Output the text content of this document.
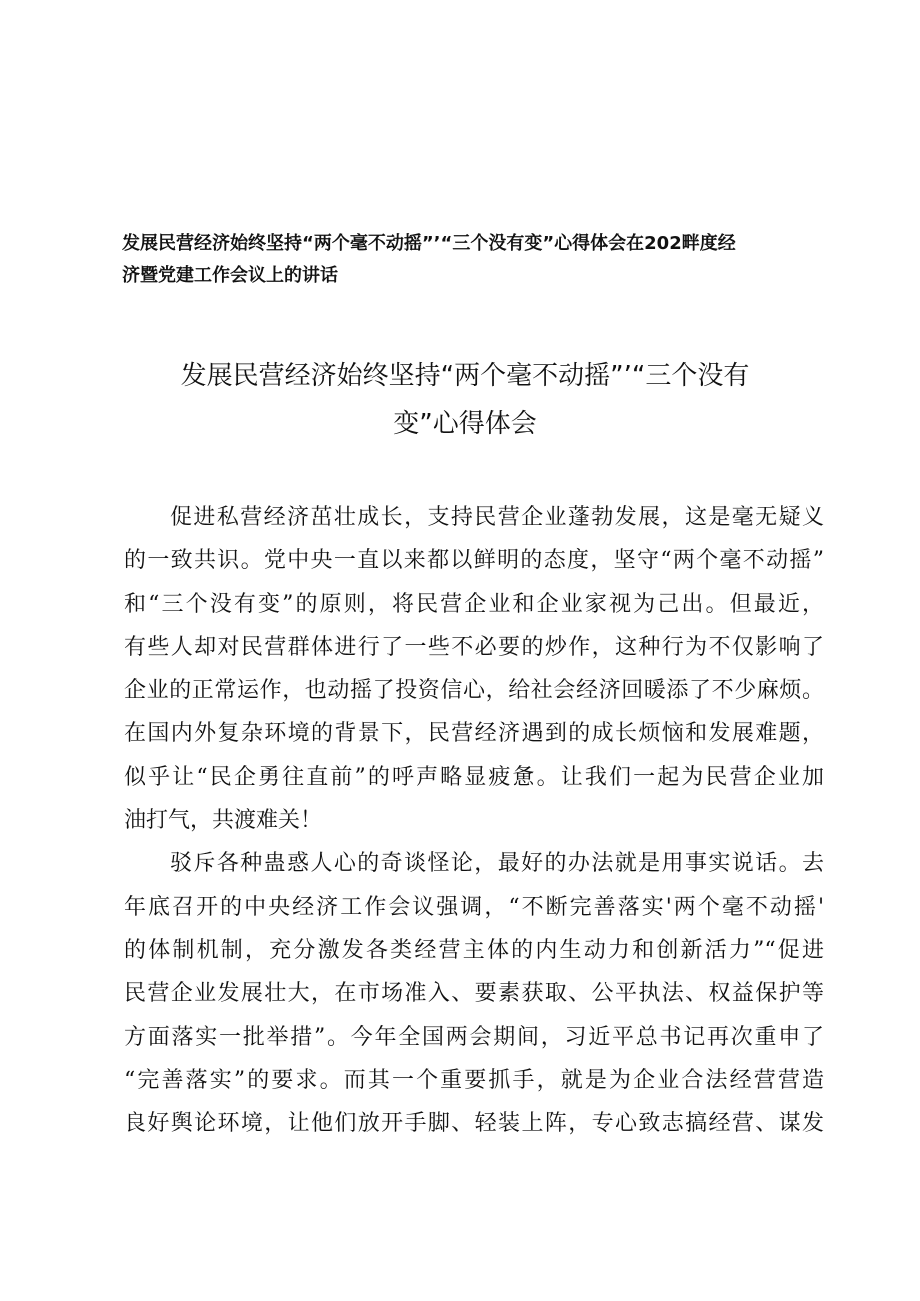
发展民营经济始终坚持“两个毫不动摇”’“三个没有变”心得体会在202畔度经
济暨党建工作会议上的讲话
发展民营经济始终坚持“两个毫不动摇”’“三个没有
变”心得体会
促进私营经济茁壮成长，支持民营企业蓬勃发展，这是毫无疑义
的一致共识。党中央一直以来都以鲜明的态度，坚守“两个毫不动摇”
和“三个没有变”的原则，将民营企业和企业家视为己出。但最近，
有些人却对民营群体进行了一些不必要的炒作，这种行为不仅影响了
企业的正常运作，也动摇了投资信心，给社会经济回暖添了不少麻烦。
在国内外复杂环境的背景下，民营经济遇到的成长烦恼和发展难题，
似乎让“民企勇往直前”的呼声略显疲惫。让我们一起为民营企业加
油打气，共渡难关！
驳斥各种蛊惑人心的奇谈怪论，最好的办法就是用事实说话。去
年底召开的中央经济工作会议强调，“不断完善落实'两个毫不动摇'
的体制机制，充分激发各类经营主体的内生动力和创新活力”“促进
民营企业发展壮大，在市场准入、要素获取、公平执法、权益保护等
方面落实一批举措”。今年全国两会期间，习近平总书记再次重申了
“完善落实”的要求。而其一个重要抓手，就是为企业合法经营营造
良好舆论环境，让他们放开手脚、轻装上阵，专心致志搞经营、谋发
